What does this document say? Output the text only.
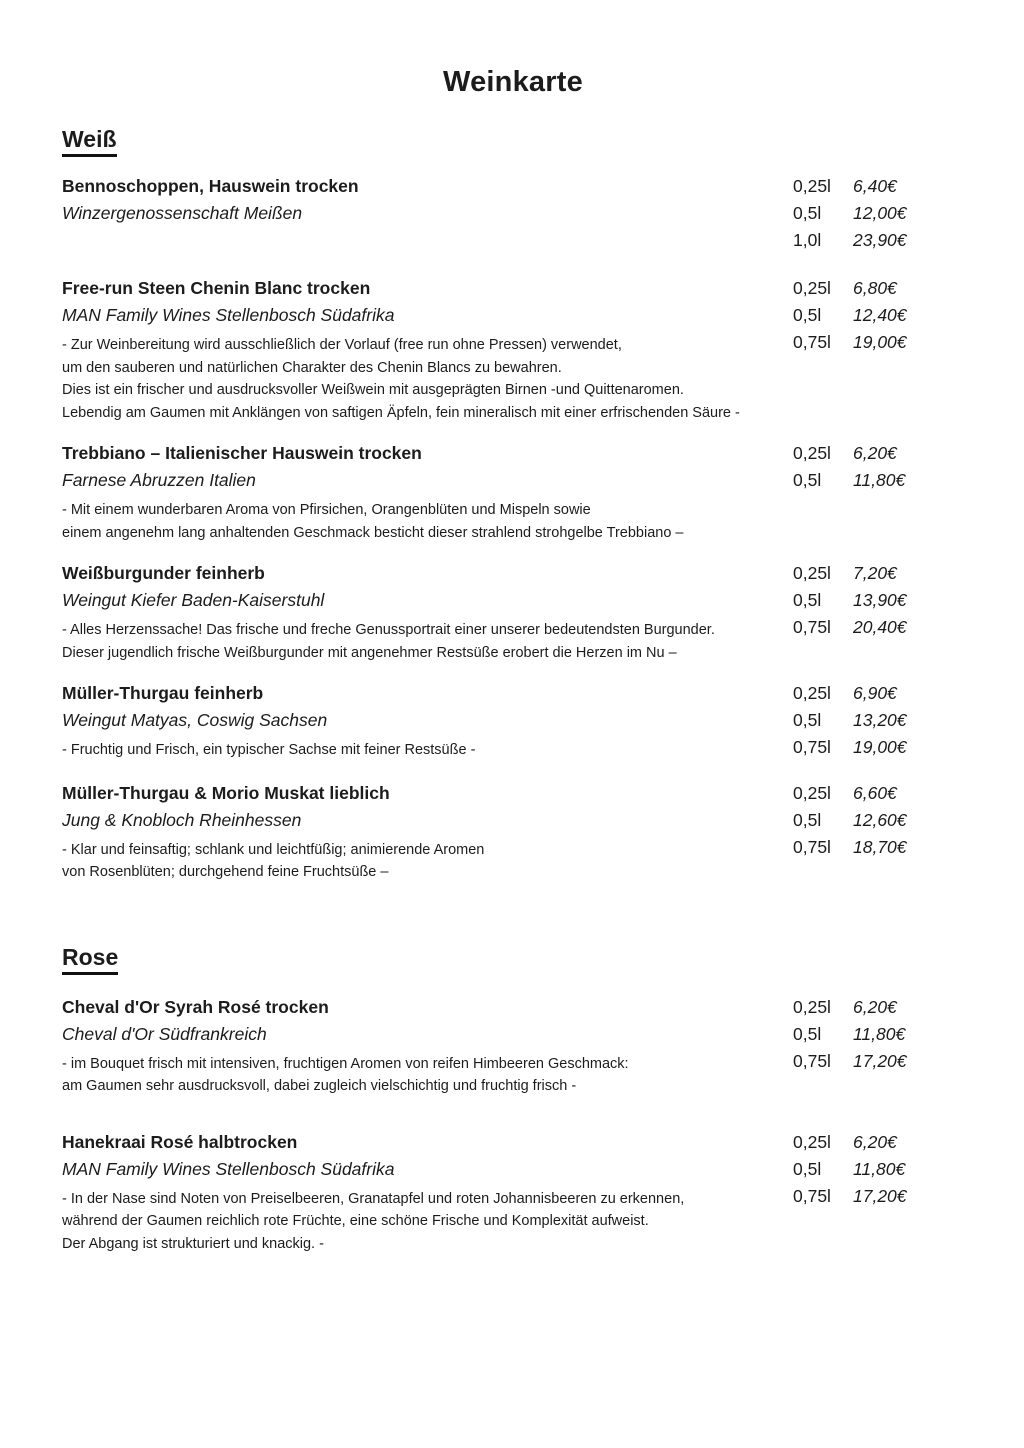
Weinkarte
Weiß
Bennoschoppen, Hauswein trocken
Winzergenossenschaft Meißen
0,25l	6,40€
0,5l	12,00€
1,0l	23,90€
Free-run Steen Chenin Blanc trocken
MAN Family Wines Stellenbosch Südafrika
- Zur Weinbereitung wird ausschließlich der Vorlauf (free run ohne Pressen) verwendet,
um den sauberen und natürlichen Charakter des Chenin Blancs zu bewahren.
Dies ist ein frischer und ausdrucksvoller Weißwein mit ausgeprägten Birnen -und Quittenaromen.
Lebendig am Gaumen mit Anklängen von saftigen Äpfeln, fein mineralisch mit einer erfrischenden Säure -
0,25l	6,80€
0,5l	12,40€
0,75l	19,00€
Trebbiano – Italienischer Hauswein trocken
Farnese Abruzzen Italien
- Mit einem wunderbaren Aroma von Pfirsichen, Orangenblüten und Mispeln sowie
einem angenehm lang anhaltenden Geschmack besticht dieser strahlend strohgelbe Trebbiano –
0,25l	6,20€
0,5l	11,80€
Weißburgunder feinherb
Weingut Kiefer Baden-Kaiserstuhl
- Alles Herzenssache! Das frische und freche Genussportrait einer unserer bedeutendsten Burgunder.
Dieser jugendlich frische Weißburgunder mit angenehmer Restsüße erobert die Herzen im Nu –
0,25l	7,20€
0,5l	13,90€
0,75l	20,40€
Müller-Thurgau feinherb
Weingut Matyas, Coswig Sachsen
- Fruchtig und Frisch, ein typischer Sachse mit feiner Restsüße -
0,25l	6,90€
0,5l	13,20€
0,75l	19,00€
Müller-Thurgau & Morio Muskat lieblich
Jung & Knobloch Rheinhessen
- Klar und feinsaftig; schlank und leichtfüßig; animierende Aromen
von Rosenblüten; durchgehend feine Fruchtsüße –
0,25l	6,60€
0,5l	12,60€
0,75l	18,70€
Rose
Cheval d'Or Syrah Rosé trocken
Cheval d'Or Südfrankreich
- im Bouquet frisch mit intensiven, fruchtigen Aromen von reifen Himbeeren Geschmack:
am Gaumen sehr ausdrucksvoll, dabei zugleich vielschichtig und fruchtig frisch -
0,25l	6,20€
0,5l	11,80€
0,75l	17,20€
Hanekraai Rosé halbtrocken
MAN Family Wines Stellenbosch Südafrika
- In der Nase sind Noten von Preiselbeeren, Granatapfel und roten Johannisbeeren zu erkennen,
während der Gaumen reichlich rote Früchte, eine schöne Frische und Komplexität aufweist.
Der Abgang ist strukturiert und knackig. -
0,25l	6,20€
0,5l	11,80€
0,75l	17,20€
